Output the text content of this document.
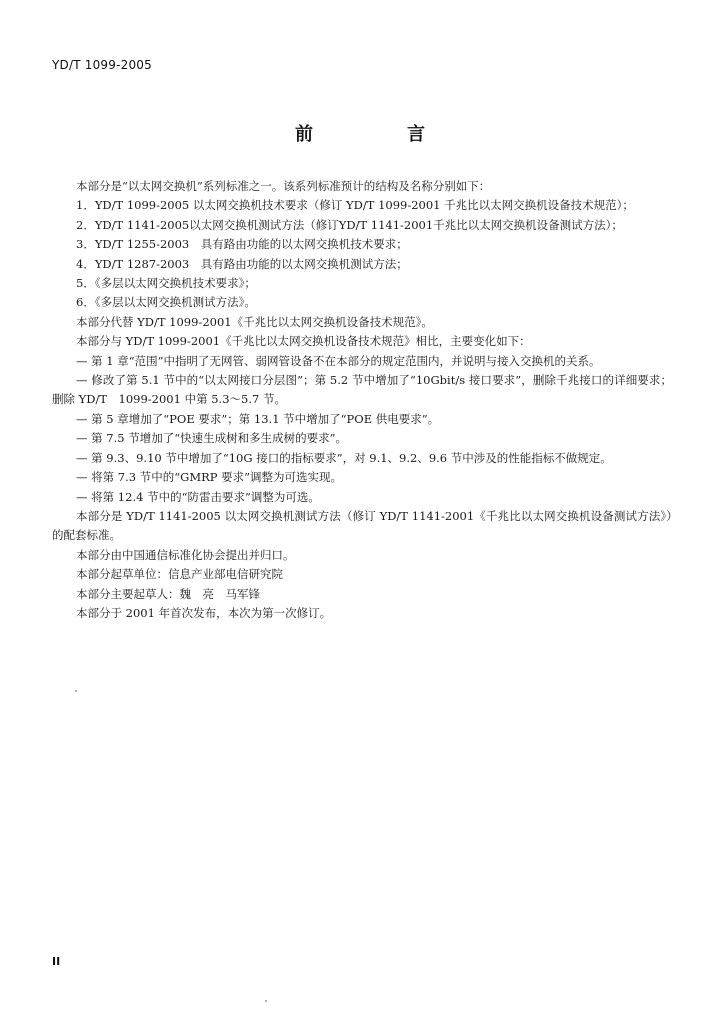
YD/T 1099-2005
前　言

本部分是“以太网交换机”系列标准之一。该系列标准预计的结构及名称分别如下：

1．YD/T 1099-2005 以太网交换机技术要求（修订 YD/T 1099-2001 千兆比以太网交换机设备技术规范）；

2．YD/T 1141-2005以太网交换机测试方法（修订YD/T 1141-2001千兆比以太网交换机设备测试方法）；

3．YD/T 1255-2003　具有路由功能的以太网交换机技术要求；

4．YD/T 1287-2003　具有路由功能的以太网交换机测试方法；

5．《多层以太网交换机技术要求》；

6．《多层以太网交换机测试方法》。

本部分代替 YD/T 1099-2001《千兆比以太网交换机设备技术规范》。

本部分与 YD/T 1099-2001《千兆比以太网交换机设备技术规范》相比，主要变化如下：

— 第 1 章“范围”中指明了无网管、弱网管设备不在本部分的规定范围内，并说明与接入交换机的关系。

— 修改了第 5.1 节中的“以太网接口分层图”；第 5.2 节中增加了“10Gbit/s 接口要求”，删除千兆接口的详细要求；删除 YD/T　1099-2001 中第 5.3～5.7 节。

— 第 5 章增加了“POE 要求”；第 13.1 节中增加了“POE 供电要求”。

— 第 7.5 节增加了“快速生成树和多生成树的要求”。

— 第 9.3、9.10 节中增加了“10G 接口的指标要求”，对 9.1、9.2、9.6 节中涉及的性能指标不做规定。

— 将第 7.3 节中的“GMRP 要求”调整为可选实现。

— 将第 12.4 节中的“防雷击要求”调整为可选。

本部分是 YD/T 1141-2005 以太网交换机测试方法（修订 YD/T 1141-2001《千兆比以太网交换机设备测试方法》）的配套标准。

本部分由中国通信标准化协会提出并归口。

本部分起草单位：信息产业部电信研究院

本部分主要起草人：魏　亮　马军锋

本部分于 2001 年首次发布，本次为第一次修订。

II
